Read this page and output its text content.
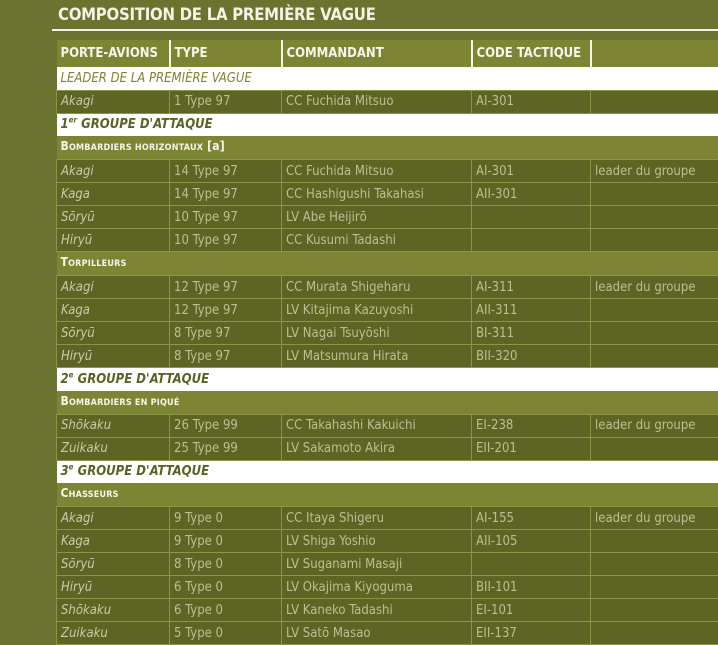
COMPOSITION DE LA PREMIÈRE VAGUE
PORTE-AVIONS	TYPE	COMMANDANT	CODE TACTIQUE	
LEADER DE LA PREMIÈRE VAGUE				
Akagi	1 Type 97	CC Fuchida Mitsuo	AI-301	
1er GROUPE D'ATTAQUE				
BOMBARDIERS HORIZONTAUX [a]				
Akagi	14 Type 97	CC Fuchida Mitsuo	AI-301	leader du groupe
Kaga	14 Type 97	CC Hashigushi Takahasi	AII-301	
Sōryū	10 Type 97	LV Abe Heijirō		
Hiryū	10 Type 97	CC Kusumi Tadashi		
TORPILLEURS				
Akagi	12 Type 97	CC Murata Shigeharu	AI-311	leader du groupe
Kaga	12 Type 97	LV Kitajima Kazuyoshi	AII-311	
Sōryū	8 Type 97	LV Nagai Tsuyōshi	BI-311	
Hiryū	8 Type 97	LV Matsumura Hirata	BII-320	
2e GROUPE D'ATTAQUE				
BOMBARDIERS EN PIQUÉ				
Shōkaku	26 Type 99	CC Takahashi Kakuichi	EI-238	leader du groupe
Zuikaku	25 Type 99	LV Sakamoto Akira	EII-201	
3e GROUPE D'ATTAQUE				
CHASSEURS				
Akagi	9 Type 0	CC Itaya Shigeru	AI-155	leader du groupe
Kaga	9 Type 0	LV Shiga Yoshio	AII-105	
Sōryū	8 Type 0	LV Suganami Masaji		
Hiryū	6 Type 0	LV Okajima Kiyoguma	BII-101	
Shōkaku	6 Type 0	LV Kaneko Tadashi	EI-101	
Zuikaku	5 Type 0	LV Satō Masao	EII-137	
